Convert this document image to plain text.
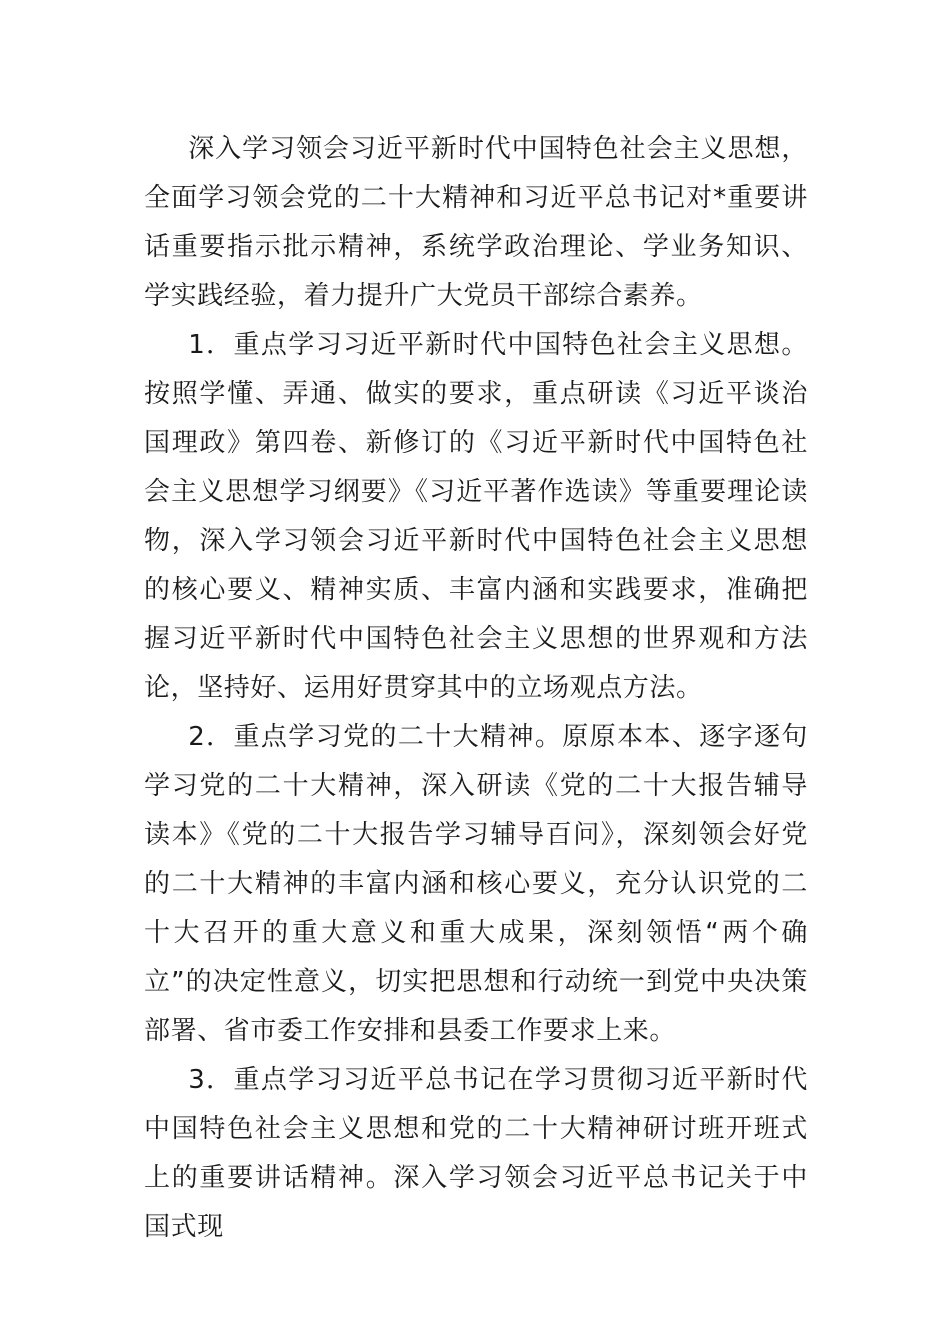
深入学习领会习近平新时代中国特色社会主义思想，全面学习领会党的二十大精神和习近平总书记对*重要讲话重要指示批示精神，系统学政治理论、学业务知识、学实践经验，着力提升广大党员干部综合素养。

1．重点学习习近平新时代中国特色社会主义思想。按照学懂、弄通、做实的要求，重点研读《习近平谈治国理政》第四卷、新修订的《习近平新时代中国特色社会主义思想学习纲要》《习近平著作选读》等重要理论读物，深入学习领会习近平新时代中国特色社会主义思想的核心要义、精神实质、丰富内涵和实践要求，准确把握习近平新时代中国特色社会主义思想的世界观和方法论，坚持好、运用好贯穿其中的立场观点方法。

2．重点学习党的二十大精神。原原本本、逐字逐句学习党的二十大精神，深入研读《党的二十大报告辅导读本》《党的二十大报告学习辅导百问》，深刻领会好党的二十大精神的丰富内涵和核心要义，充分认识党的二十大召开的重大意义和重大成果，深刻领悟“两个确立”的决定性意义，切实把思想和行动统一到党中央决策部署、省市委工作安排和县委工作要求上来。

3．重点学习习近平总书记在学习贯彻习近平新时代中国特色社会主义思想和党的二十大精神研讨班开班式上的重要讲话精神。深入学习领会习近平总书记关于中国式现
